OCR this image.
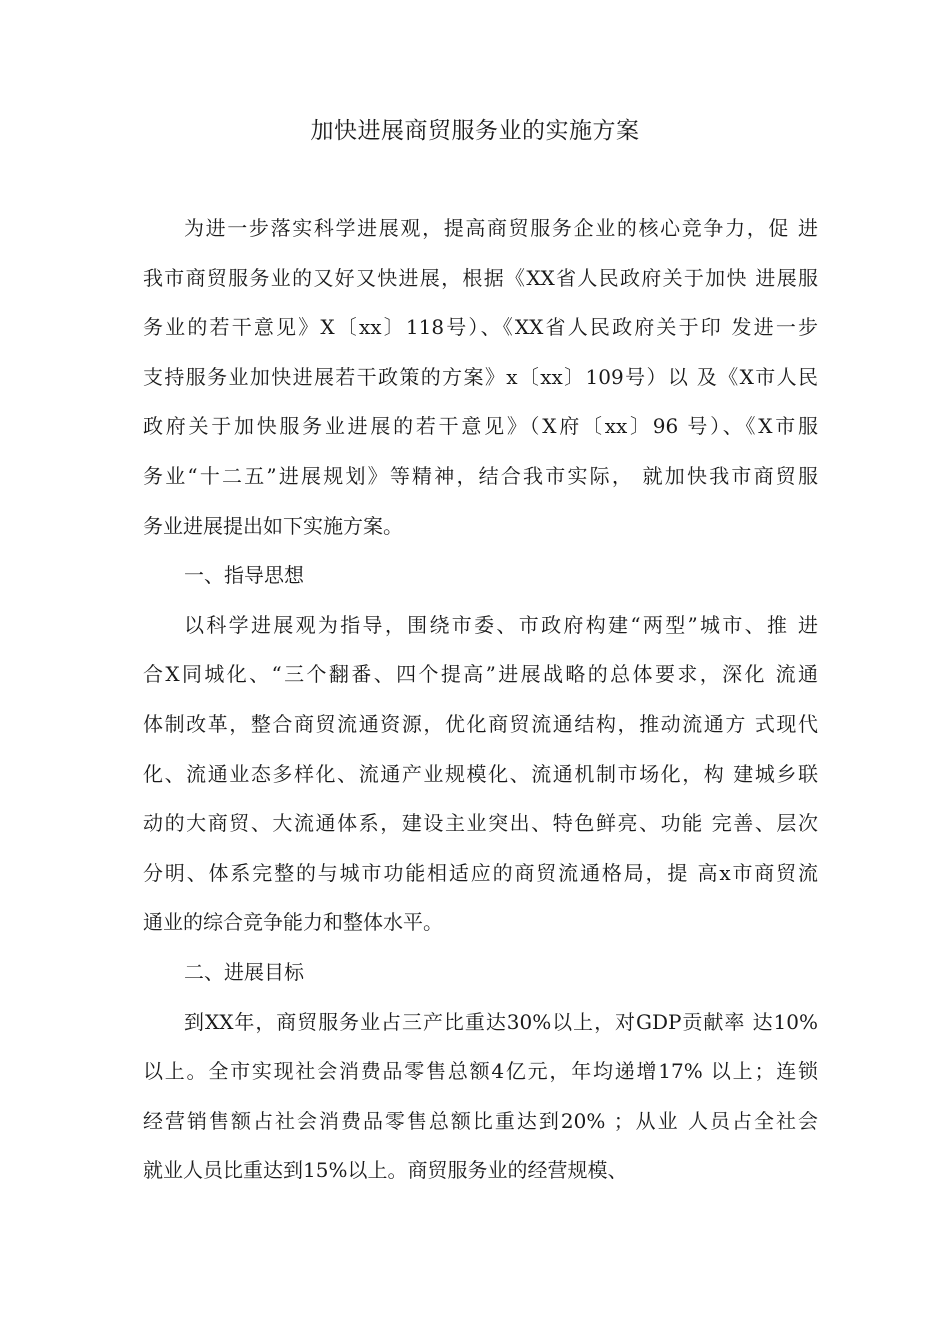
加快进展商贸服务业的实施方案
为进一步落实科学进展观，提高商贸服务企业的核心竞争力，促 进
我市商贸服务业的又好又快进展，根据《XX省人民政府关于加快 进展服
务业的若干意见》X〔xx〕118号）、《XX省人民政府关于印 发进一步
支持服务业加快进展若干政策的方案》x〔xx〕109号）以 及《X市人民
政府关于加快服务业进展的若干意见》（X府〔xx〕96 号）、《X市服
务业“十二五”进展规划》等精神，结合我市实际， 就加快我市商贸服
务业进展提出如下实施方案。
一、指导思想
以科学进展观为指导，围绕市委、市政府构建“两型”城市、推 进
合X同城化、“三个翻番、四个提高”进展战略的总体要求，深化 流通
体制改革，整合商贸流通资源，优化商贸流通结构，推动流通方 式现代
化、流通业态多样化、流通产业规模化、流通机制市场化，构 建城乡联
动的大商贸、大流通体系，建设主业突出、特色鲜亮、功能 完善、层次
分明、体系完整的与城市功能相适应的商贸流通格局，提 高x市商贸流
通业的综合竞争能力和整体水平。
二、进展目标
到XX年，商贸服务业占三产比重达30%以上，对GDP贡献率 达10%
以上。全市实现社会消费品零售总额4亿元，年均递增17% 以上；连锁
经营销售额占社会消费品零售总额比重达到20% ；从业 人员占全社会
就业人员比重达到15%以上。商贸服务业的经营规模、
